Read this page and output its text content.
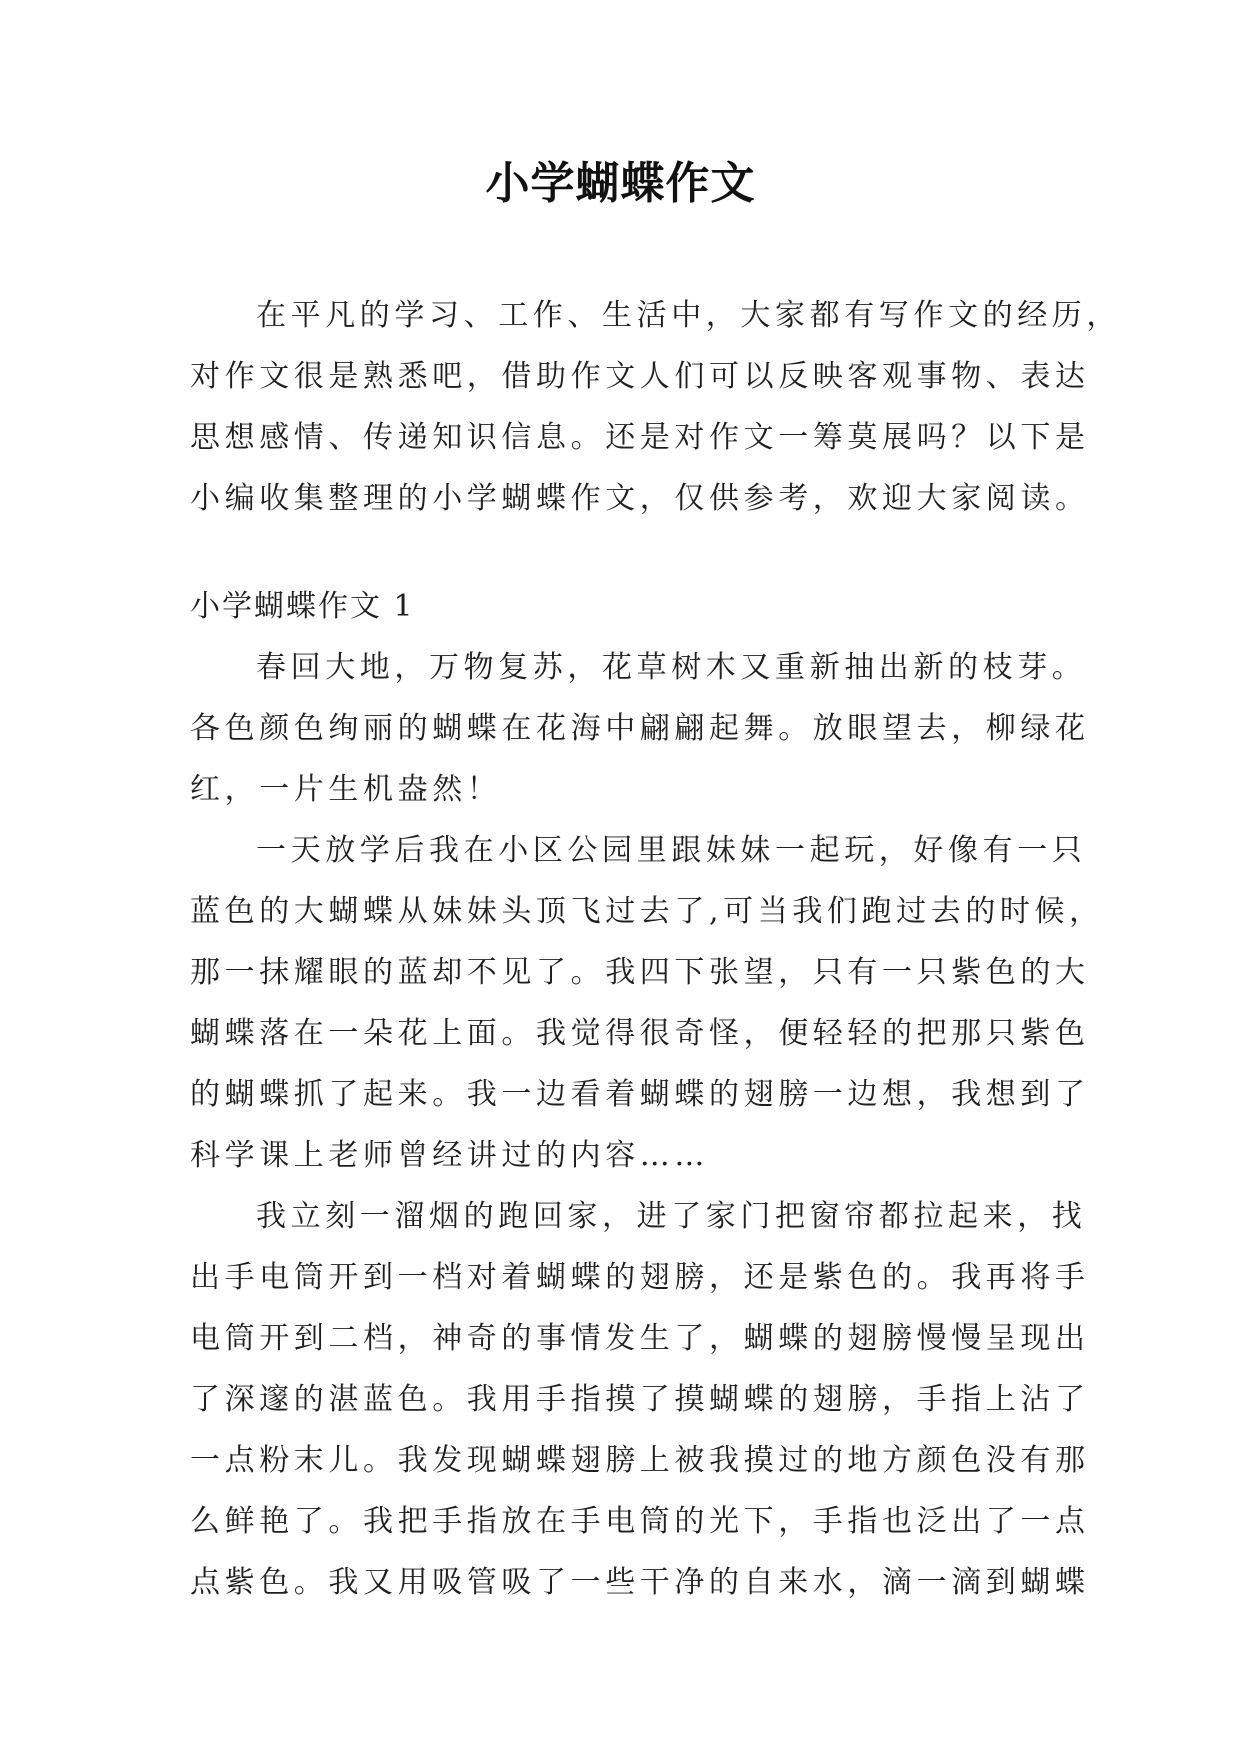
小学蝴蝶作文
在平凡的学习、工作、生活中，大家都有写作文的经历，
对作文很是熟悉吧，借助作文人们可以反映客观事物、表达
思想感情、传递知识信息。还是对作文一筹莫展吗？以下是
小编收集整理的小学蝴蝶作文，仅供参考，欢迎大家阅读。
小学蝴蝶作文 1
春回大地，万物复苏，花草树木又重新抽出新的枝芽。
各色颜色绚丽的蝴蝶在花海中翩翩起舞。放眼望去，柳绿花
红，一片生机盎然！
一天放学后我在小区公园里跟妹妹一起玩，好像有一只
蓝色的大蝴蝶从妹妹头顶飞过去了,可当我们跑过去的时候，
那一抹耀眼的蓝却不见了。我四下张望，只有一只紫色的大
蝴蝶落在一朵花上面。我觉得很奇怪，便轻轻的把那只紫色
的蝴蝶抓了起来。我一边看着蝴蝶的翅膀一边想，我想到了
科学课上老师曾经讲过的内容……
我立刻一溜烟的跑回家，进了家门把窗帘都拉起来，找
出手电筒开到一档对着蝴蝶的翅膀，还是紫色的。我再将手
电筒开到二档，神奇的事情发生了，蝴蝶的翅膀慢慢呈现出
了深邃的湛蓝色。我用手指摸了摸蝴蝶的翅膀，手指上沾了
一点粉末儿。我发现蝴蝶翅膀上被我摸过的地方颜色没有那
么鲜艳了。我把手指放在手电筒的光下，手指也泛出了一点
点紫色。我又用吸管吸了一些干净的自来水，滴一滴到蝴蝶
